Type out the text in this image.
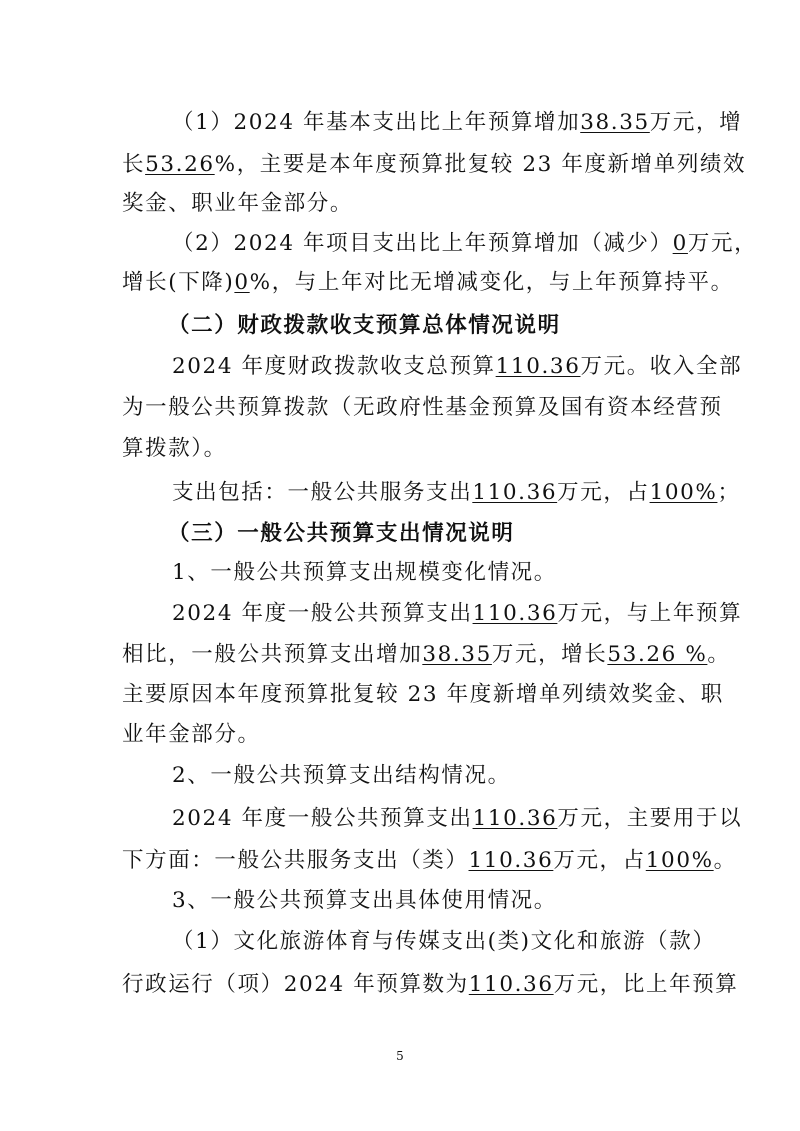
（1）2024 年基本支出比上年预算增加38.35万元，增
长53.26%，主要是本年度预算批复较 23 年度新增单列绩效
奖金、职业年金部分。
（2）2024 年项目支出比上年预算增加（减少）0万元，
增长(下降)0%，与上年对比无增减变化，与上年预算持平。
（二）财政拨款收支预算总体情况说明
2024 年度财政拨款收支总预算110.36万元。收入全部
为一般公共预算拨款（无政府性基金预算及国有资本经营预
算拨款）。
支出包括：一般公共服务支出110.36万元，占100%；
（三）一般公共预算支出情况说明
1、一般公共预算支出规模变化情况。
2024 年度一般公共预算支出110.36万元，与上年预算
相比，一般公共预算支出增加38.35万元，增长53.26 %。
主要原因本年度预算批复较 23 年度新增单列绩效奖金、职
业年金部分。
2、一般公共预算支出结构情况。
2024 年度一般公共预算支出110.36万元，主要用于以
下方面：一般公共服务支出（类）110.36万元，占100%。
3、一般公共预算支出具体使用情况。
（1）文化旅游体育与传媒支出(类)文化和旅游（款）
行政运行（项）2024 年预算数为110.36万元，比上年预算
5
